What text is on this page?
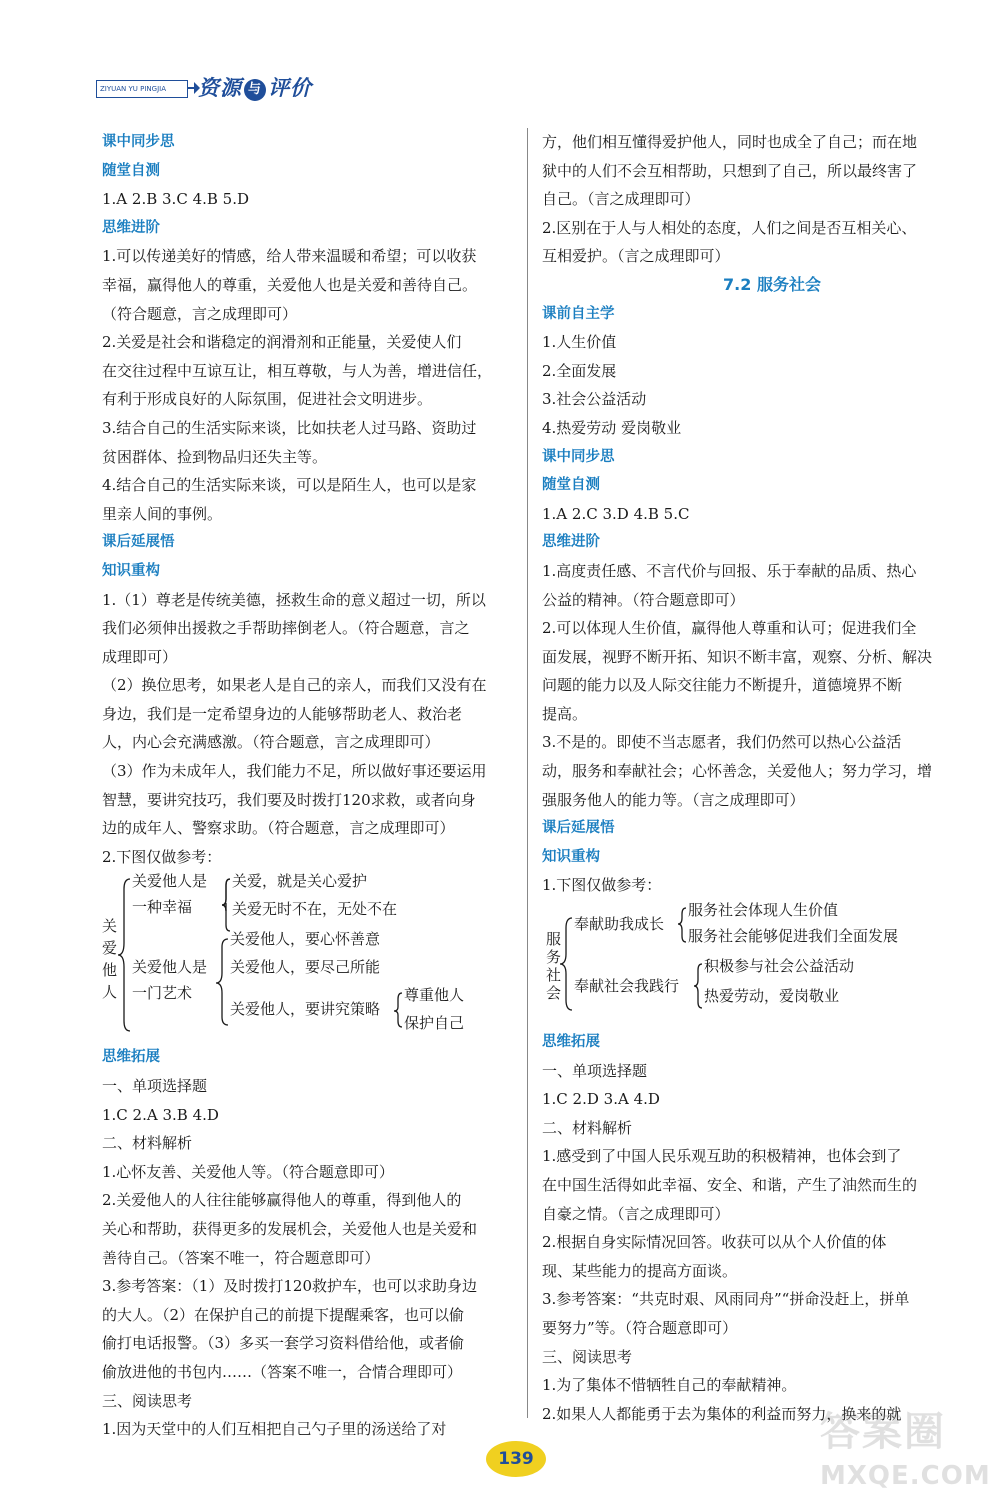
ZIYUAN YU PINGJIA	资源 与 评价
课中同步思
随堂自测
1.A 2.B 3.C 4.B 5.D
思维进阶
1.可以传递美好的情感，给人带来温暖和希望；可以收获
幸福，赢得他人的尊重，关爱他人也是关爱和善待自己。
（符合题意，言之成理即可）
2.关爱是社会和谐稳定的润滑剂和正能量，关爱使人们
在交往过程中互谅互让，相互尊敬，与人为善，增进信任，
有利于形成良好的人际氛围，促进社会文明进步。
3.结合自己的生活实际来谈，比如扶老人过马路、资助过
贫困群体、捡到物品归还失主等。
4.结合自己的生活实际来谈，可以是陌生人，也可以是家
里亲人间的事例。
课后延展悟
知识重构
1.（1）尊老是传统美德，拯救生命的意义超过一切，所以
我们必须伸出援救之手帮助摔倒老人。（符合题意，言之
成理即可）
（2）换位思考，如果老人是自己的亲人，而我们又没有在
身边，我们是一定希望身边的人能够帮助老人、救治老
人，内心会充满感激。（符合题意，言之成理即可）
（3）作为未成年人，我们能力不足，所以做好事还要运用
智慧，要讲究技巧，我们要及时拨打120求救，或者向身
边的成年人、警察求助。（符合题意，言之成理即可）
2.下图仅做参考：
关
爱
他
人
关爱他人是
一种幸福
关爱，就是关心爱护
关爱无时不在，无处不在
关爱他人是
一门艺术
关爱他人，要心怀善意
关爱他人，要尽己所能
关爱他人，要讲究策略
尊重他人
保护自己
思维拓展
一、单项选择题
1.C 2.A 3.B 4.D
二、材料解析
1.心怀友善、关爱他人等。（符合题意即可）
2.关爱他人的人往往能够赢得他人的尊重，得到他人的
关心和帮助，获得更多的发展机会，关爱他人也是关爱和
善待自己。（答案不唯一，符合题意即可）
3.参考答案：（1）及时拨打120救护车，也可以求助身边
的大人。（2）在保护自己的前提下提醒乘客，也可以偷
偷打电话报警。（3）多买一套学习资料借给他，或者偷
偷放进他的书包内……（答案不唯一，合情合理即可）
三、阅读思考
1.因为天堂中的人们互相把自己勺子里的汤送给了对
方，他们相互懂得爱护他人，同时也成全了自己；而在地
狱中的人们不会互相帮助，只想到了自己，所以最终害了
自己。（言之成理即可）
2.区别在于人与人相处的态度，人们之间是否互相关心、
互相爱护。（言之成理即可）
7.2 服务社会
课前自主学
1.人生价值
2.全面发展
3.社会公益活动
4.热爱劳动 爱岗敬业
课中同步思
随堂自测
1.A 2.C 3.D 4.B 5.C
思维进阶
1.高度责任感、不言代价与回报、乐于奉献的品质、热心
公益的精神。（符合题意即可）
2.可以体现人生价值，赢得他人尊重和认可；促进我们全
面发展，视野不断开拓、知识不断丰富，观察、分析、解决
问题的能力以及人际交往能力不断提升，道德境界不断
提高。
3.不是的。即使不当志愿者，我们仍然可以热心公益活
动，服务和奉献社会；心怀善念，关爱他人；努力学习，增
强服务他人的能力等。（言之成理即可）
课后延展悟
知识重构
1.下图仅做参考：
服
务
社
会
奉献助我成长
服务社会体现人生价值
服务社会能够促进我们全面发展
奉献社会我践行
积极参与社会公益活动
热爱劳动，爱岗敬业
思维拓展
一、单项选择题
1.C 2.D 3.A 4.D
二、材料解析
1.感受到了中国人民乐观互助的积极精神，也体会到了
在中国生活得如此幸福、安全、和谐，产生了油然而生的
自豪之情。（言之成理即可）
2.根据自身实际情况回答。收获可以从个人价值的体
现、某些能力的提高方面谈。
3.参考答案：“共克时艰、风雨同舟”“拼命没赶上，拼单
要努力”等。（符合题意即可）
三、阅读思考
1.为了集体不惜牺牲自己的奉献精神。
2.如果人人都能勇于去为集体的利益而努力，换来的就
139
答案圈
MXQE.COM
